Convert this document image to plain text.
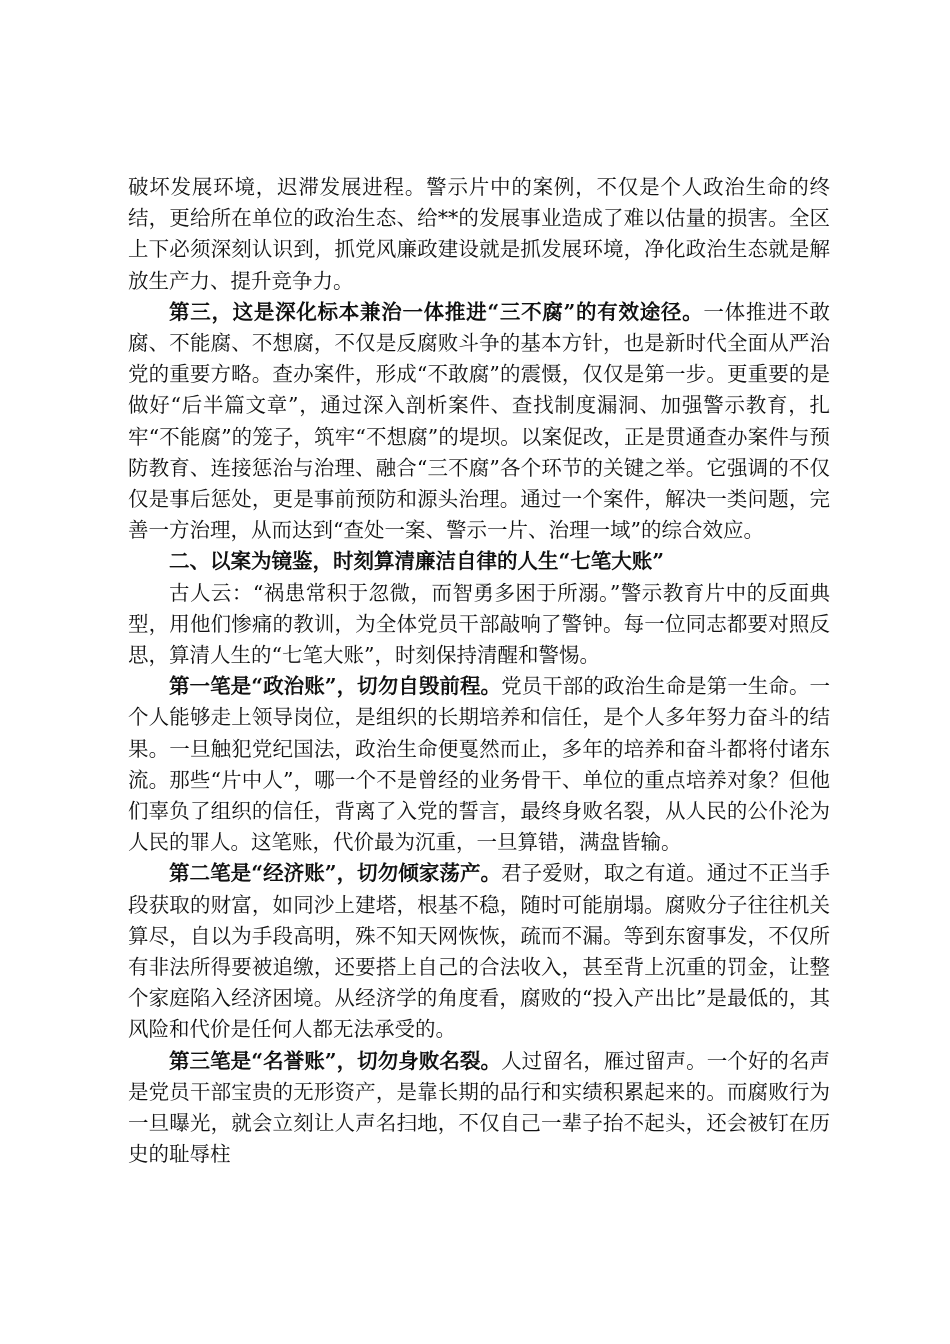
破坏发展环境，迟滞发展进程。警示片中的案例，不仅是个人政治生命的终结，更给所在单位的政治生态、给**的发展事业造成了难以估量的损害。全区上下必须深刻认识到，抓党风廉政建设就是抓发展环境，净化政治生态就是解放生产力、提升竞争力。

第三，这是深化标本兼治一体推进“三不腐”的有效途径。一体推进不敢腐、不能腐、不想腐，不仅是反腐败斗争的基本方针，也是新时代全面从严治党的重要方略。查办案件，形成“不敢腐”的震慑，仅仅是第一步。更重要的是做好“后半篇文章”，通过深入剖析案件、查找制度漏洞、加强警示教育，扎牢“不能腐”的笼子，筑牢“不想腐”的堤坝。以案促改，正是贯通查办案件与预防教育、连接惩治与治理、融合“三不腐”各个环节的关键之举。它强调的不仅仅是事后惩处，更是事前预防和源头治理。通过一个案件，解决一类问题，完善一方治理，从而达到“查处一案、警示一片、治理一域”的综合效应。

二、以案为镜鉴，时刻算清廉洁自律的人生“七笔大账”

古人云：“祸患常积于忽微，而智勇多困于所溺。”警示教育片中的反面典型，用他们惨痛的教训，为全体党员干部敲响了警钟。每一位同志都要对照反思，算清人生的“七笔大账”，时刻保持清醒和警惕。

第一笔是“政治账”，切勿自毁前程。党员干部的政治生命是第一生命。一个人能够走上领导岗位，是组织的长期培养和信任，是个人多年努力奋斗的结果。一旦触犯党纪国法，政治生命便戛然而止，多年的培养和奋斗都将付诸东流。那些“片中人”，哪一个不是曾经的业务骨干、单位的重点培养对象？但他们辜负了组织的信任，背离了入党的誓言，最终身败名裂，从人民的公仆沦为人民的罪人。这笔账，代价最为沉重，一旦算错，满盘皆输。

第二笔是“经济账”，切勿倾家荡产。君子爱财，取之有道。通过不正当手段获取的财富，如同沙上建塔，根基不稳，随时可能崩塌。腐败分子往往机关算尽，自以为手段高明，殊不知天网恢恢，疏而不漏。等到东窗事发，不仅所有非法所得要被追缴，还要搭上自己的合法收入，甚至背上沉重的罚金，让整个家庭陷入经济困境。从经济学的角度看，腐败的“投入产出比”是最低的，其风险和代价是任何人都无法承受的。

第三笔是“名誉账”，切勿身败名裂。人过留名，雁过留声。一个好的名声是党员干部宝贵的无形资产，是靠长期的品行和实绩积累起来的。而腐败行为一旦曝光，就会立刻让人声名扫地，不仅自己一辈子抬不起头，还会被钉在历史的耻辱柱
